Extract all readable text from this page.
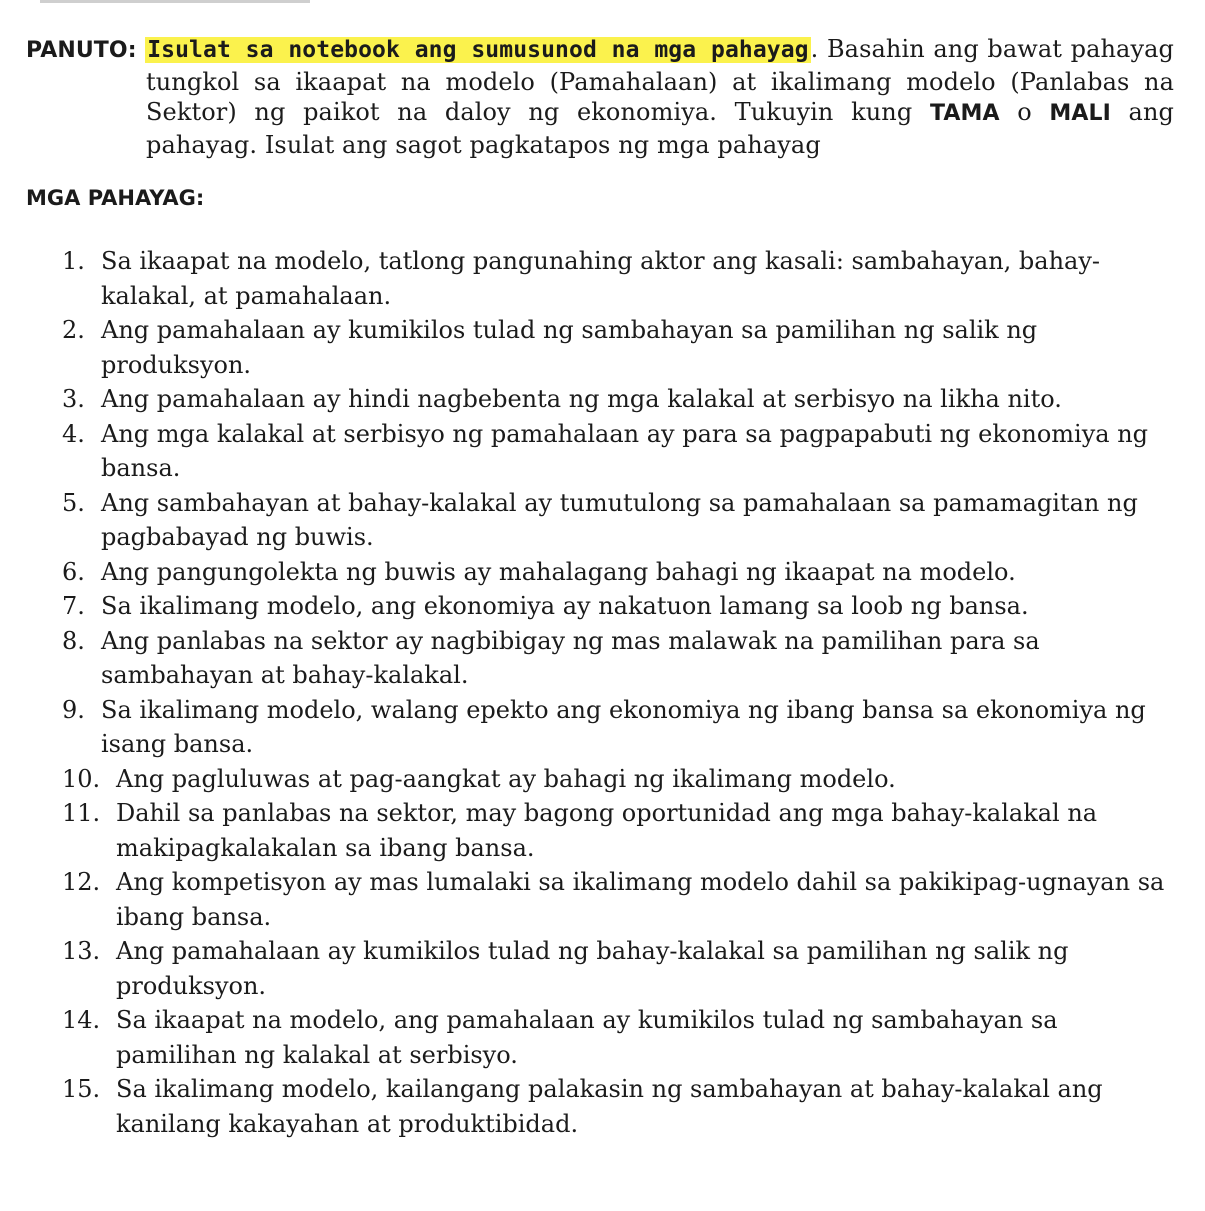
PANUTO: Isulat sa notebook ang sumusunod na mga pahayag. Basahin ang bawat pahayag tungkol sa ikaapat na modelo (Pamahalaan) at ikalimang modelo (Panlabas na Sektor) ng paikot na daloy ng ekonomiya. Tukuyin kung TAMA o MALI ang pahayag. Isulat ang sagot pagkatapos ng mga pahayag

MGA PAHAYAG:
1. Sa ikaapat na modelo, tatlong pangunahing aktor ang kasali: sambahayan, bahay-kalakal, at pamahalaan.
2. Ang pamahalaan ay kumikilos tulad ng sambahayan sa pamilihan ng salik ng produksyon.
3. Ang pamahalaan ay hindi nagbebenta ng mga kalakal at serbisyo na likha nito.
4. Ang mga kalakal at serbisyo ng pamahalaan ay para sa pagpapabuti ng ekonomiya ng bansa.
5. Ang sambahayan at bahay-kalakal ay tumutulong sa pamahalaan sa pamamagitan ng pagbabayad ng buwis.
6. Ang pangungolekta ng buwis ay mahalagang bahagi ng ikaapat na modelo.
7. Sa ikalimang modelo, ang ekonomiya ay nakatuon lamang sa loob ng bansa.
8. Ang panlabas na sektor ay nagbibigay ng mas malawak na pamilihan para sa sambahayan at bahay-kalakal.
9. Sa ikalimang modelo, walang epekto ang ekonomiya ng ibang bansa sa ekonomiya ng isang bansa.
10. Ang pagluluwas at pag-aangkat ay bahagi ng ikalimang modelo.
11. Dahil sa panlabas na sektor, may bagong oportunidad ang mga bahay-kalakal na makipagkalakalan sa ibang bansa.
12. Ang kompetisyon ay mas lumalaki sa ikalimang modelo dahil sa pakikipag-ugnayan sa ibang bansa.
13. Ang pamahalaan ay kumikilos tulad ng bahay-kalakal sa pamilihan ng salik ng produksyon.
14. Sa ikaapat na modelo, ang pamahalaan ay kumikilos tulad ng sambahayan sa pamilihan ng kalakal at serbisyo.
15. Sa ikalimang modelo, kailangang palakasin ng sambahayan at bahay-kalakal ang kanilang kakayahan at produktibidad.
